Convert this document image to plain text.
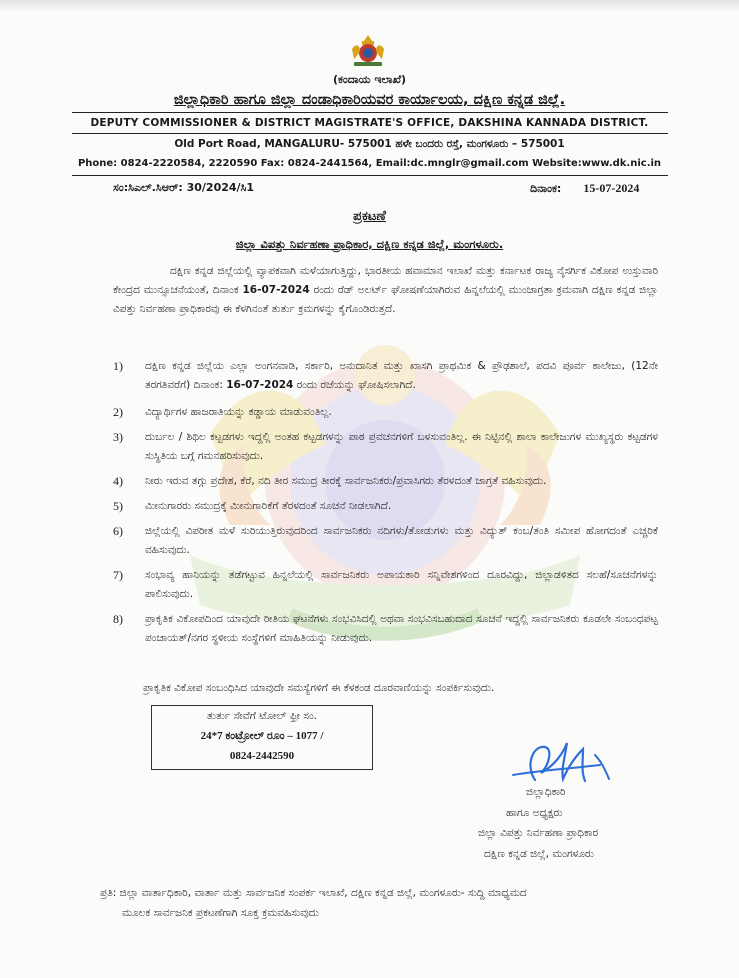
(ಕಂದಾಯ ಇಲಾಖೆ)
ಜಿಲ್ಲಾಧಿಕಾರಿ ಹಾಗೂ ಜಿಲ್ಲಾ ದಂಡಾಧಿಕಾರಿಯವರ ಕಾರ್ಯಾಲಯ, ದಕ್ಷಿಣ ಕನ್ನಡ ಜಿಲ್ಲೆ.
DEPUTY COMMISSIONER & DISTRICT MAGISTRATE'S OFFICE, DAKSHINA KANNADA DISTRICT.
Old Port Road, MANGALURU- 575001 ಹಳೇ ಬಂದರು ರಸ್ತೆ, ಮಂಗಳೂರು – 575001
Phone: 0824-2220584, 2220590 Fax: 0824-2441564, Email:dc.mnglr@gmail.com Website:www.dk.nic.in
ಸಂ:ಸಿಎಲ್.ಸಿಆರ್: 30/2024/ಸಿ1	ದಿನಾಂಕ: 15-07-2024
ಪ್ರಕಟಣೆ
ಜಿಲ್ಲಾ ವಿಪತ್ತು ನಿರ್ವಹಣಾ ಪ್ರಾಧಿಕಾರ, ದಕ್ಷಿಣ ಕನ್ನಡ ಜಿಲ್ಲೆ, ಮಂಗಳೂರು.
ದಕ್ಷಿಣ ಕನ್ನಡ ಜಿಲ್ಲೆಯಲ್ಲಿ ವ್ಯಾಪಕವಾಗಿ ಮಳೆಯಾಗುತ್ತಿದ್ದು, ಭಾರತೀಯ ಹವಾಮಾನ ಇಲಾಖೆ ಮತ್ತು ಕರ್ನಾಟಕ ರಾಜ್ಯ ನೈಸರ್ಗಿಕ ವಿಕೋಪ ಉಸ್ತುವಾರಿ ಕೇಂದ್ರದ ಮುನ್ಸೂಚನೆಯಂತೆ, ದಿನಾಂಕ 16-07-2024 ರಂದು ರೆಡ್ ಅಲರ್ಟ್ ಘೋಷಣೆಯಾಗಿರುವ ಹಿನ್ನಲೆಯಲ್ಲಿ ಮುಂಜಾಗ್ರತಾ ಕ್ರಮವಾಗಿ ದಕ್ಷಿಣ ಕನ್ನಡ ಜಿಲ್ಲಾ ವಿಪತ್ತು ನಿರ್ವಹಣಾ ಪ್ರಾಧಿಕಾರವು ಈ ಕೆಳಗಿನಂತೆ ತುರ್ತು ಕ್ರಮಗಳನ್ನು ಕೈಗೊಂಡಿರುತ್ತದೆ.
1) ದಕ್ಷಿಣ ಕನ್ನಡ ಜಿಲ್ಲೆಯ ಎಲ್ಲಾ ಅಂಗನವಾಡಿ, ಸರ್ಕಾರಿ, ಅನುದಾನಿತ ಮತ್ತು ಖಾಸಗಿ ಪ್ರಾಥಮಿಕ & ಪ್ರೌಢಶಾಲೆ, ಪದವಿ ಪೂರ್ವ ಕಾಲೇಜು, (12ನೇ ತರಗತಿವರೆಗೆ) ದಿನಾಂಕ: 16-07-2024 ರಂದು ರಜೆಯನ್ನು ಘೋಷಿಸಲಾಗಿದೆ.
2) ವಿದ್ಯಾರ್ಥಿಗಳ ಹಾಜರಾತಿಯನ್ನು ಕಡ್ಡಾಯ ಮಾಡುವಂತಿಲ್ಲ.
3) ದುರ್ಬಲ / ಶಿಥಿಲ ಕಟ್ಟಡಗಳು ಇದ್ದಲ್ಲಿ ಅಂತಹ ಕಟ್ಟಡಗಳನ್ನು ಪಾಠ ಪ್ರವಚನಗಳಿಗೆ ಬಳಸುವಂತಿಲ್ಲ. ಈ ನಿಟ್ಟಿನಲ್ಲಿ ಶಾಲಾ ಕಾಲೇಜುಗಳ ಮುಖ್ಯಸ್ಥರು ಕಟ್ಟಡಗಳ ಸುಸ್ಥಿತಿಯ ಬಗ್ಗೆ ಗಮನಹರಿಸುವುದು.
4) ನೀರು ಇರುವ ತಗ್ಗು ಪ್ರದೇಶ, ಕೆರೆ, ನದಿ ತೀರ ಸಮುದ್ರ ತೀರಕ್ಕೆ ಸಾರ್ವಜನಿಕರು/ಪ್ರವಾಸಿಗರು ತೆರಳದಂತೆ ಜಾಗ್ರತೆ ವಹಿಸುವುದು.
5) ಮೀನುಗಾರರು ಸಮುದ್ರಕ್ಕೆ ಮೀನುಗಾರಿಕೆಗೆ ತೆರಳದಂತೆ ಸೂಚನೆ ನೀಡಲಾಗಿದೆ.
6) ಜಿಲ್ಲೆಯಲ್ಲಿ ವಿಪರೀತ ಮಳೆ ಸುರಿಯುತ್ತಿರುವುದರಿಂದ ಸಾರ್ವಜನಿಕರು ನದಿಗಳು/ತೋಡುಗಳು ಮತ್ತು ವಿದ್ಯುತ್ ಕಂಬ/ತಂತಿ ಸಮೀಪ ಹೋಗದಂತೆ ಎಚ್ಚರಿಕೆ ವಹಿಸುವುದು.
7) ಸಂಭಾವ್ಯ ಹಾನಿಯನ್ನು ತಡೆಗಟ್ಟುವ ಹಿನ್ನಲೆಯಲ್ಲಿ ಸಾರ್ವಜನಿಕರು ಅಪಾಯಕಾರಿ ಸನ್ನಿವೇಶಗಳಿಂದ ದೂರವಿದ್ದು, ಜಿಲ್ಲಾಡಳಿತದ ಸಲಹೆ/ಸೂಚನೆಗಳನ್ನು ಪಾಲಿಸುವುದು.
8) ಪ್ರಾಕೃತಿಕ ವಿಕೋಪದಿಂದ ಯಾವುದೇ ರೀತಿಯ ಘಟನೆಗಳು ಸಂಭವಿಸಿದಲ್ಲಿ ಅಥವಾ ಸಂಭವಿಸಬಹುದಾದ ಸೂಚನೆ ಇದ್ದಲ್ಲಿ ಸಾರ್ವಜನಿಕರು ಕೂಡಲೇ ಸಂಬಂಧಪಟ್ಟ ಪಂಚಾಯತ್/ನಗರ ಸ್ಥಳೀಯ ಸಂಸ್ಥೆಗಳಿಗೆ ಮಾಹಿತಿಯನ್ನು ನೀಡುವುದು.
ಪ್ರಾಕೃತಿಕ ವಿಕೋಪ ಸಂಬಂಧಿಸಿದ ಯಾವುದೇ ಸಮಸ್ಯೆಗಳಿಗೆ ಈ ಕೆಳಕಂಡ ದೂರವಾಣಿಯನ್ನು ಸಂಪರ್ಕಿಸುವುದು.
ತುರ್ತು ಸೇವೆಗೆ ಟೋಲ್ ಫ್ರೀ ಸಂ.
24*7 ಕಂಟ್ರೋಲ್ ರೂಂ – 1077 /
0824-2442590
ಜಿಲ್ಲಾಧಿಕಾರಿ
ಹಾಗೂ ಅಧ್ಯಕ್ಷರು
ಜಿಲ್ಲಾ ವಿಪತ್ತು ನಿರ್ವಹಣಾ ಪ್ರಾಧಿಕಾರ
ದಕ್ಷಿಣ ಕನ್ನಡ ಜಿಲ್ಲೆ, ಮಂಗಳೂರು
ಪ್ರತಿ: ಜಿಲ್ಲಾ ವಾರ್ತಾಧಿಕಾರಿ, ವಾರ್ತಾ ಮತ್ತು ಸಾರ್ವಜನಿಕ ಸಂಪರ್ಕ ಇಲಾಖೆ, ದಕ್ಷಿಣ ಕನ್ನಡ ಜಿಲ್ಲೆ, ಮಂಗಳೂರು- ಸುದ್ದಿ ಮಾಧ್ಯಮದ
ಮೂಲಕ ಸಾರ್ವಜನಿಕ ಪ್ರಕಟಣೆಗಾಗಿ ಸೂಕ್ತ ಕ್ರಮವಹಿಸುವುದು
